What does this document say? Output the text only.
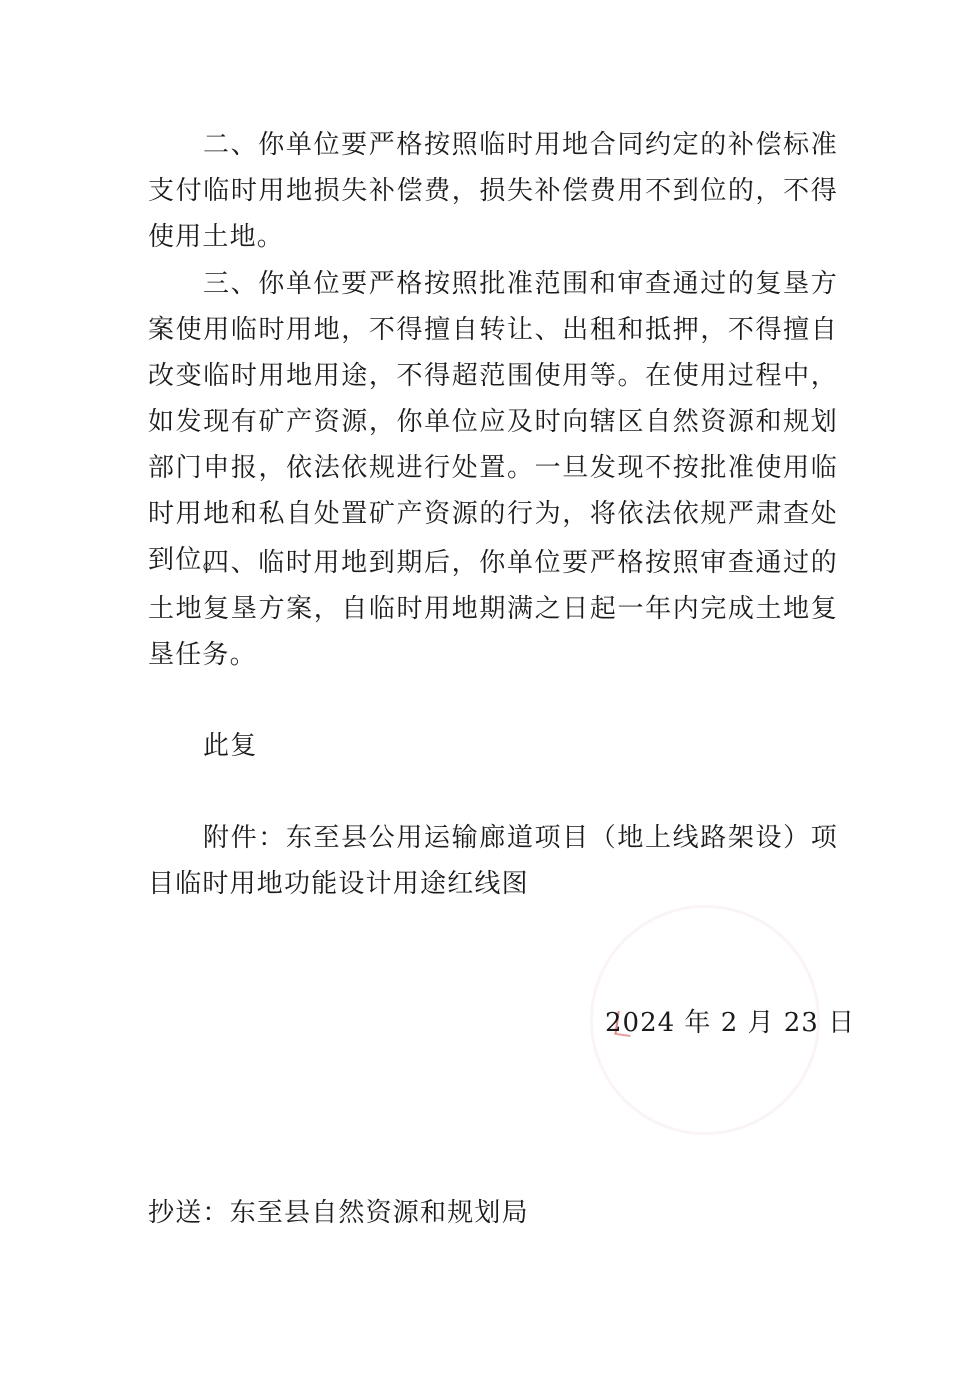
二、你单位要严格按照临时用地合同约定的补偿标准支付临时用地损失补偿费，损失补偿费用不到位的，不得使用土地。

三、你单位要严格按照批准范围和审查通过的复垦方案使用临时用地，不得擅自转让、出租和抵押，不得擅自改变临时用地用途，不得超范围使用等。在使用过程中，如发现有矿产资源，你单位应及时向辖区自然资源和规划部门申报，依法依规进行处置。一旦发现不按批准使用临时用地和私自处置矿产资源的行为，将依法依规严肃查处到位。

四、临时用地到期后，你单位要严格按照审查通过的土地复垦方案，自临时用地期满之日起一年内完成土地复垦任务。

此复

附件：东至县公用运输廊道项目（地上线路架设）项目临时用地功能设计用途红线图

2024 年 2 月 23 日

抄送：东至县自然资源和规划局
